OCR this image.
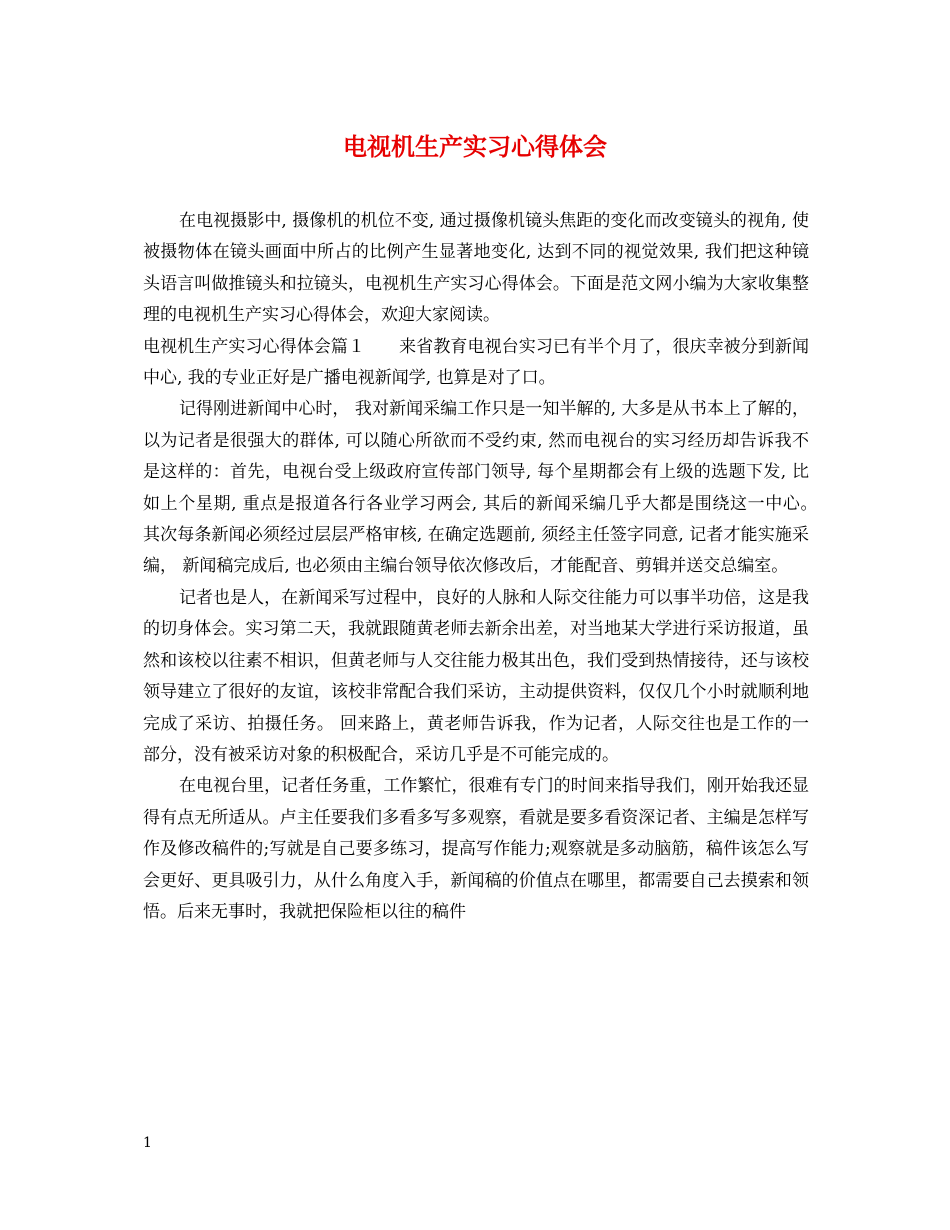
电视机生产实习心得体会

在电视摄影中, 摄像机的机位不变, 通过摄像机镜头焦距的变化而改变镜头的视角, 使被摄物体在镜头画面中所占的比例产生显著地变化, 达到不同的视觉效果, 我们把这种镜头语言叫做推镜头和拉镜头，电视机生产实习心得体会。下面是范文网小编为大家收集整理的电视机生产实习心得体会，欢迎大家阅读。

电视机生产实习心得体会篇１　　来省教育电视台实习已有半个月了，很庆幸被分到新闻中心, 我的专业正好是广播电视新闻学, 也算是对了口。

记得刚进新闻中心时， 我对新闻采编工作只是一知半解的, 大多是从书本上了解的， 以为记者是很强大的群体, 可以随心所欲而不受约束, 然而电视台的实习经历却告诉我不是这样的：首先，电视台受上级政府宣传部门领导, 每个星期都会有上级的选题下发, 比如上个星期, 重点是报道各行各业学习两会, 其后的新闻采编几乎大都是围绕这一中心。　其次每条新闻必须经过层层严格审核, 在确定选题前, 须经主任签字同意, 记者才能实施采编， 新闻稿完成后, 也必须由主编台领导依次修改后，才能配音、剪辑并送交总编室。

记者也是人，在新闻采写过程中，良好的人脉和人际交往能力可以事半功倍，这是我的切身体会。实习第二天，我就跟随黄老师去新余出差，对当地某大学进行采访报道，虽然和该校以往素不相识，但黄老师与人交往能力极其出色，我们受到热情接待，还与该校领导建立了很好的友谊，该校非常配合我们采访，主动提供资料，仅仅几个小时就顺利地完成了采访、拍摄任务。 回来路上，黄老师告诉我，作为记者，人际交往也是工作的一部分，没有被采访对象的积极配合，采访几乎是不可能完成的。

在电视台里，记者任务重，工作繁忙，很难有专门的时间来指导我们，刚开始我还显得有点无所适从。卢主任要我们多看多写多观察，看就是要多看资深记者、主编是怎样写作及修改稿件的;写就是自己要多练习，提高写作能力;观察就是多动脑筋，稿件该怎么写会更好、更具吸引力，从什么角度入手，新闻稿的价值点在哪里，都需要自己去摸索和领悟。后来无事时，我就把保险柜以往的稿件

1
